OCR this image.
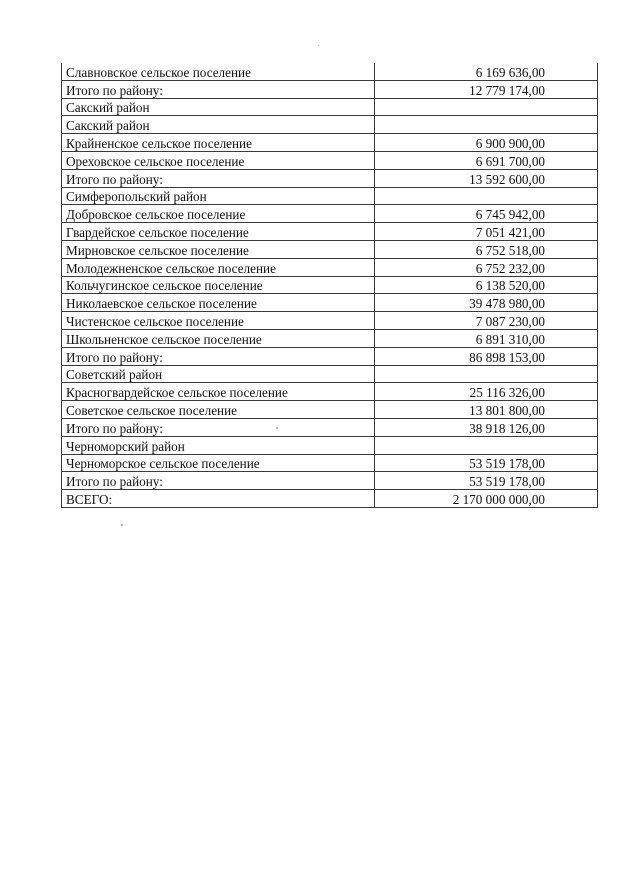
Славновское сельское поселение	6 169 636,00
Итого по району:	12 779 174,00
Сакский район	
Сакский район	
Крайненское сельское поселение	6 900 900,00
Ореховское сельское поселение	6 691 700,00
Итого по району:	13 592 600,00
Симферопольский район	
Добровское сельское поселение	6 745 942,00
Гвардейское сельское поселение	7 051 421,00
Мирновское сельское поселение	6 752 518,00
Молодежненское сельское поселение	6 752 232,00
Кольчугинское сельское поселение	6 138 520,00
Николаевское сельское поселение	39 478 980,00
Чистенское сельское поселение	7 087 230,00
Школьненское сельское поселение	6 891 310,00
Итого по району:	86 898 153,00
Советский район	
Красногвардейское сельское поселение	25 116 326,00
Советское сельское поселение	13 801 800,00
Итого по району:	38 918 126,00
Черноморский район	
Черноморское сельское поселение	53 519 178,00
Итого по району:	53 519 178,00
ВСЕГО:	2 170 000 000,00
